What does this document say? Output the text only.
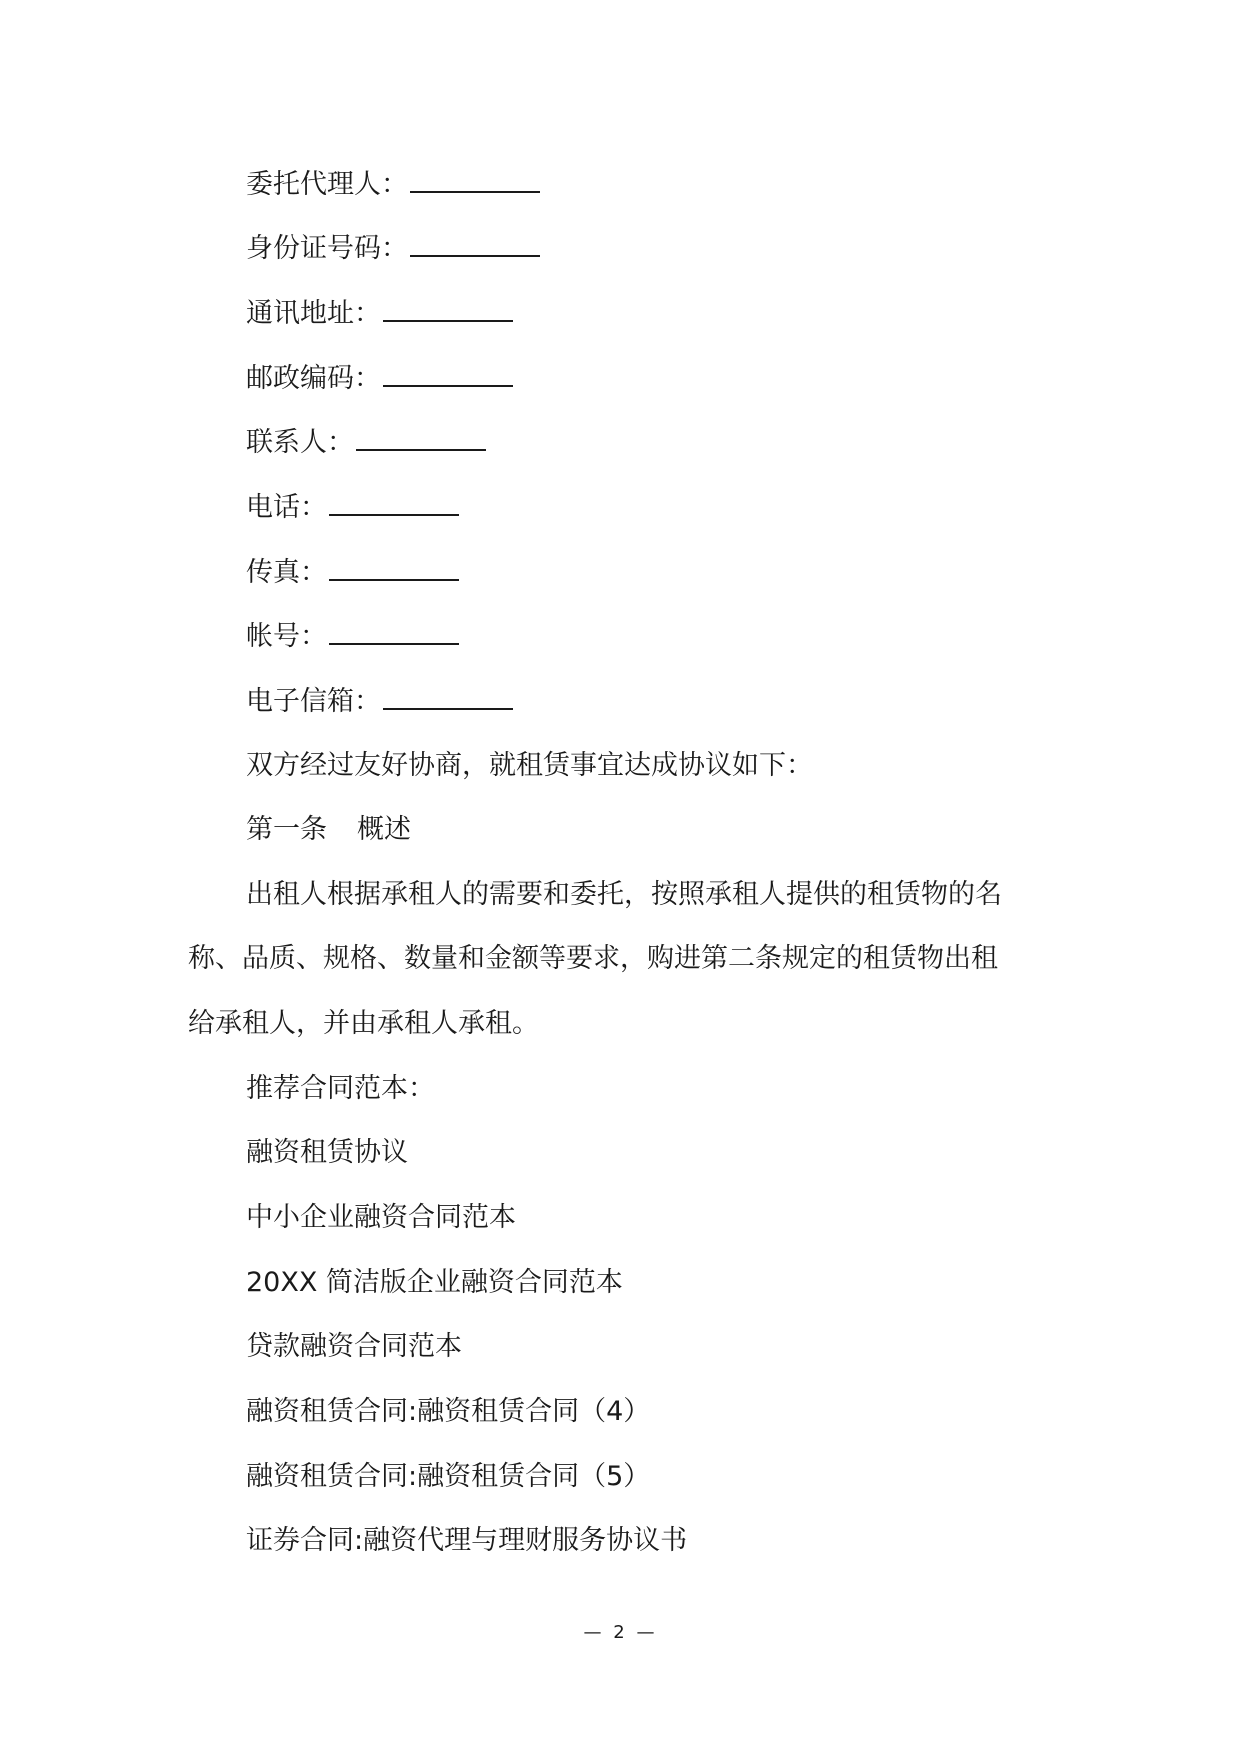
委托代理人：
身份证号码：
通讯地址：
邮政编码：
联系人：
电话：
传真：
帐号：
电子信箱：
双方经过友好协商，就租赁事宜达成协议如下：
第一条 概述
出租人根据承租人的需要和委托，按照承租人提供的租赁物的名
称、品质、规格、数量和金额等要求，购进第二条规定的租赁物出租
给承租人，并由承租人承租。
推荐合同范本：
融资租赁协议
中小企业融资合同范本
20XX 简洁版企业融资合同范本
贷款融资合同范本
融资租赁合同:融资租赁合同（4）
融资租赁合同:融资租赁合同（5）
证券合同:融资代理与理财服务协议书
— 2 —
